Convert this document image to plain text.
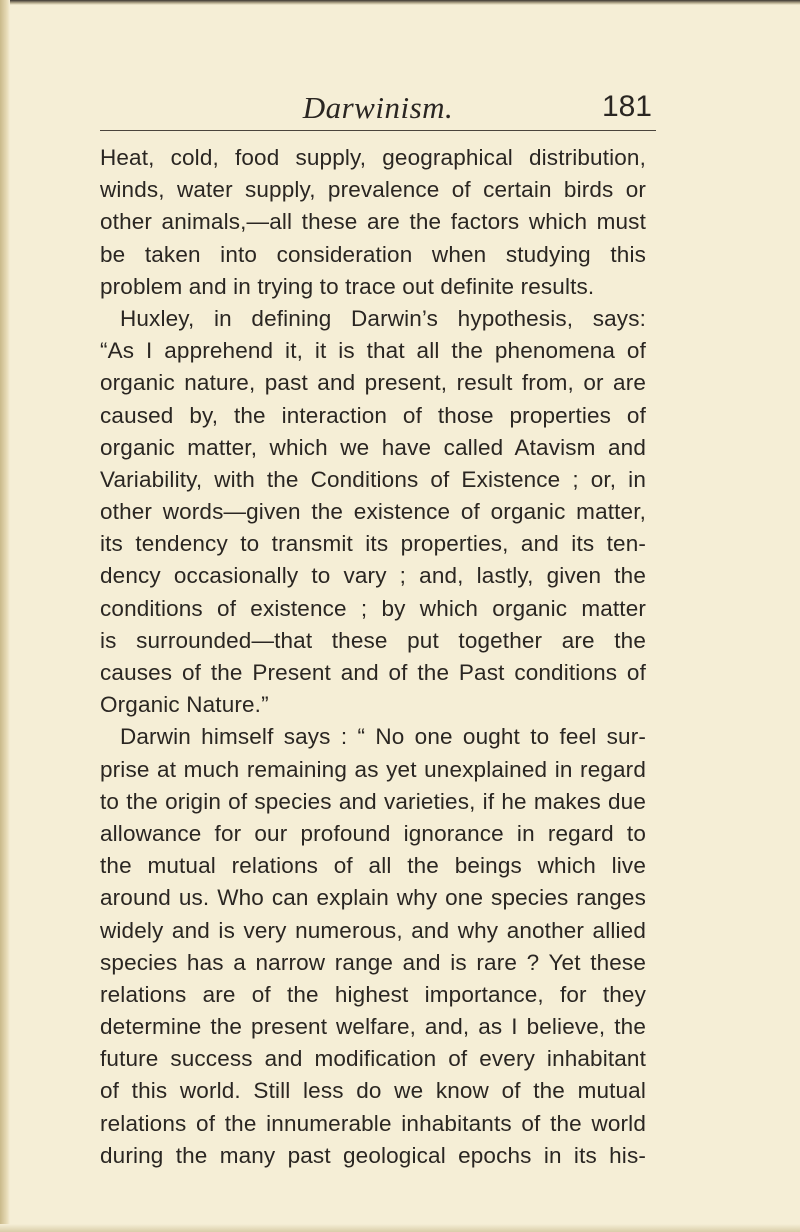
Darwinism.	181
Heat, cold, food supply, geographical distribution,
winds, water supply, prevalence of certain birds or
other animals,—all these are the factors which must
be taken into consideration when studying this
problem and in trying to trace out definite results.
Huxley, in defining Darwin’s hypothesis, says:
“As I apprehend it, it is that all the phenomena of
organic nature, past and present, result from, or are
caused by, the interaction of those properties of
organic matter, which we have called Atavism and
Variability, with the Conditions of Existence ; or, in
other words—given the existence of organic matter,
its tendency to transmit its properties, and its ten-
dency occasionally to vary ; and, lastly, given the
conditions of existence ; by which organic matter
is surrounded—that these put together are the
causes of the Present and of the Past conditions of
Organic Nature.”
Darwin himself says : “ No one ought to feel sur-
prise at much remaining as yet unexplained in regard
to the origin of species and varieties, if he makes due
allowance for our profound ignorance in regard to
the mutual relations of all the beings which live
around us. Who can explain why one species ranges
widely and is very numerous, and why another allied
species has a narrow range and is rare ? Yet these
relations are of the highest importance, for they
determine the present welfare, and, as I believe, the
future success and modification of every inhabitant
of this world. Still less do we know of the mutual
relations of the innumerable inhabitants of the world
during the many past geological epochs in its his-
